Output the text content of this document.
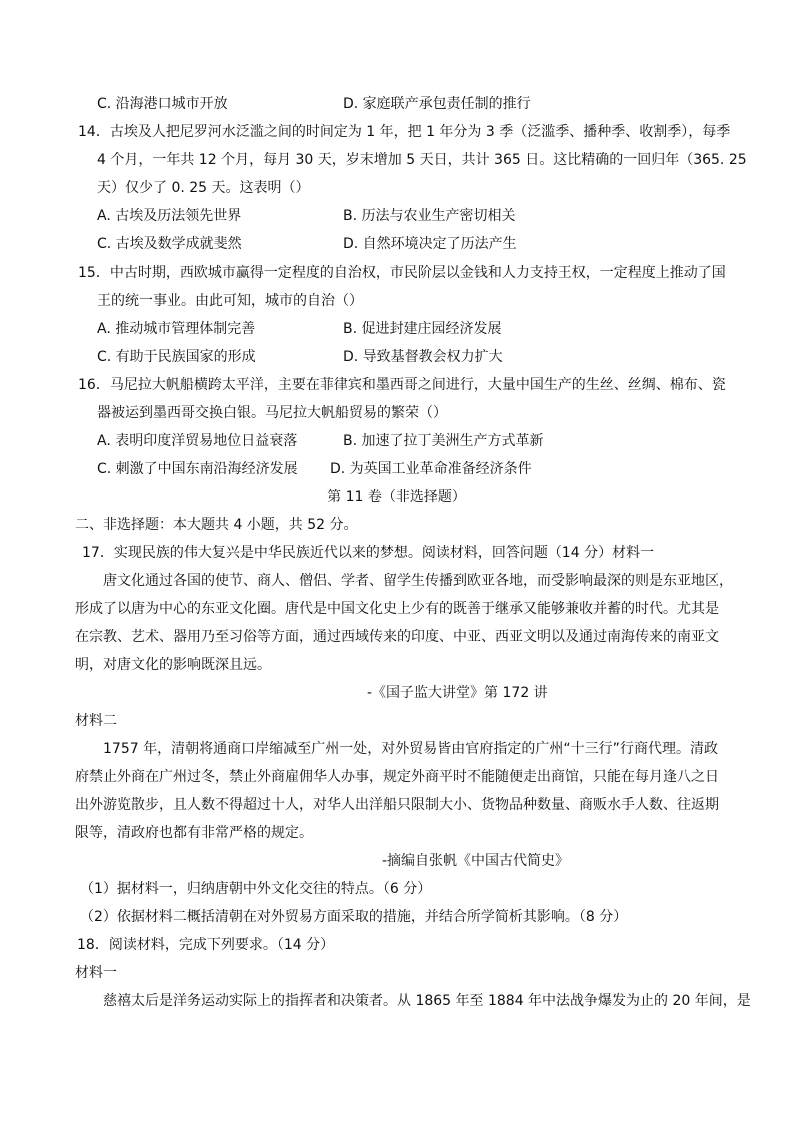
C. 沿海港口城市开放	D. 家庭联产承包责任制的推行
14．古埃及人把尼罗河水泛滥之间的时间定为 1 年，把 1 年分为 3 季（泛滥季、播种季、收割季），每季
4 个月，一年共 12 个月，每月 30 天，岁末增加 5 天日，共计 365 日。这比精确的一回归年（365. 25
天）仅少了 0. 25 天。这表明（）
A. 古埃及历法领先世界	B. 历法与农业生产密切相关
C. 古埃及数学成就斐然	D. 自然环境决定了历法产生
15．中古时期，西欧城市赢得一定程度的自治权，市民阶层以金钱和人力支持王权，一定程度上推动了国
王的统一事业。由此可知，城市的自治（）
A. 推动城市管理体制完善	B. 促进封建庄园经济发展
C. 有助于民族国家的形成	D. 导致基督教会权力扩大
16．马尼拉大帆船横跨太平洋，主要在菲律宾和墨西哥之间进行，大量中国生产的生丝、丝绸、棉布、瓷
器被运到墨西哥交换白银。马尼拉大帆船贸易的繁荣（）
A. 表明印度洋贸易地位日益衰落	B. 加速了拉丁美洲生产方式革新
C. 刺激了中国东南沿海经济发展 D. 为英国工业革命准备经济条件
第 11 卷（非选择题）
二、非选择题：本大题共 4 小题，共 52 分。
17．实现民族的伟大复兴是中华民族近代以来的梦想。阅读材料，回答问题（14 分）材料一
唐文化通过各国的使节、商人、僧侣、学者、留学生传播到欧亚各地，而受影响最深的则是东亚地区，
形成了以唐为中心的东亚文化圈。唐代是中国文化史上少有的既善于继承又能够兼收并蓄的时代。尤其是
在宗教、艺术、器用乃至习俗等方面，通过西域传来的印度、中亚、西亚文明以及通过南海传来的南亚文
明，对唐文化的影响既深且远。
-《国子监大讲堂》第 172 讲
材料二
1757 年，清朝将通商口岸缩减至广州一处，对外贸易皆由官府指定的广州“十三行”行商代理。清政
府禁止外商在广州过冬，禁止外商雇佣华人办事，规定外商平时不能随便走出商馆，只能在每月逢八之日
出外游览散步，且人数不得超过十人，对华人出洋船只限制大小、货物品种数量、商贩水手人数、往返期
限等，清政府也都有非常严格的规定。
-摘编自张帆《中国古代简史》
（1）据材料一，归纳唐朝中外文化交往的特点。（6 分）
（2）依据材料二概括清朝在对外贸易方面采取的措施，并结合所学简析其影响。（8 分）
18．阅读材料，完成下列要求。（14 分）
材料一
慈禧太后是洋务运动实际上的指挥者和决策者。从 1865 年至 1884 年中法战争爆发为止的 20 年间，是
